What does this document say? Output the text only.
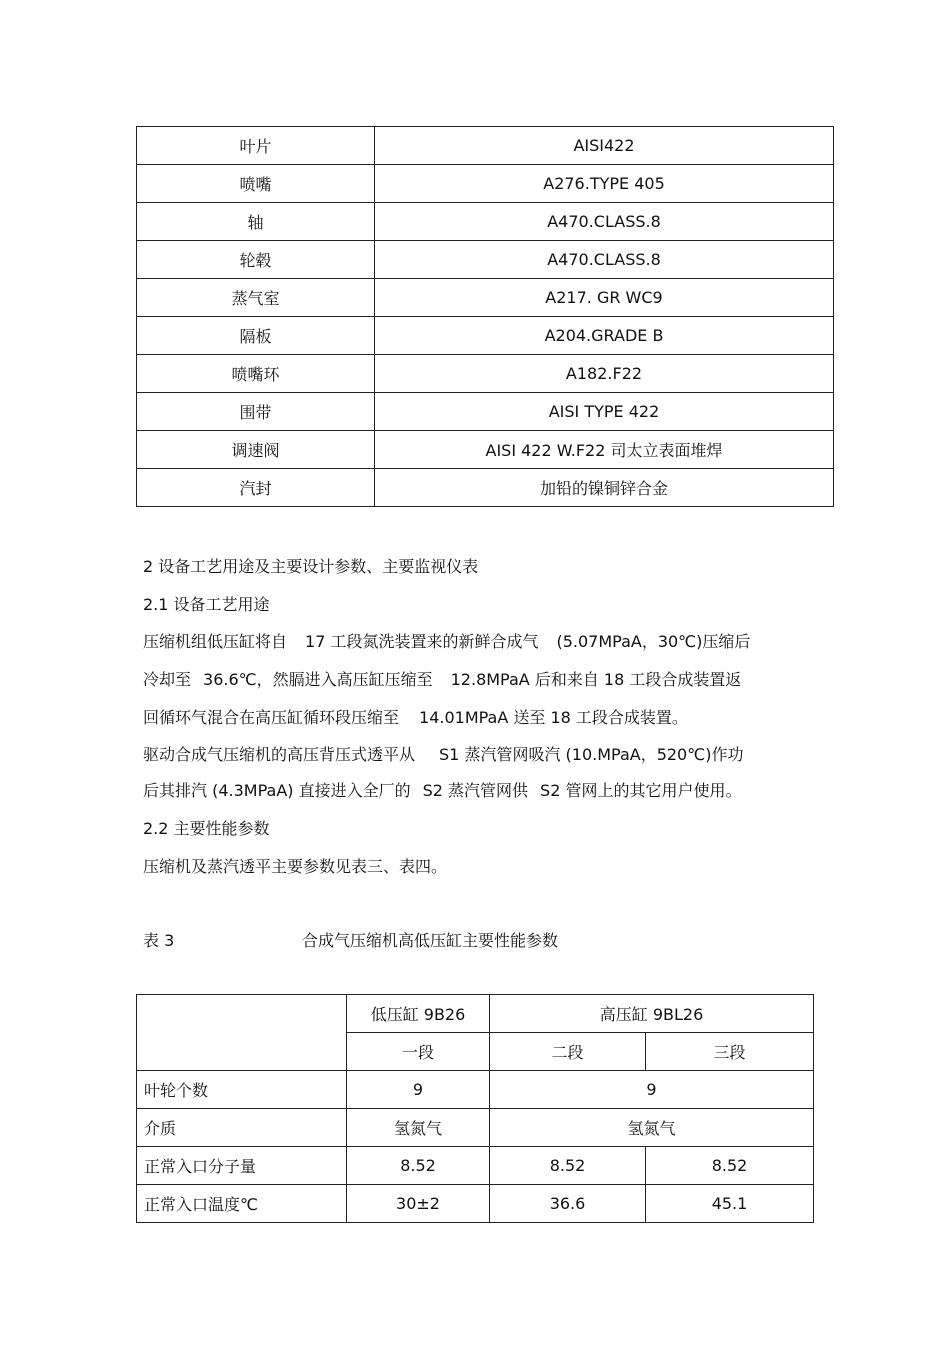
叶片	AISI422
喷嘴	A276.TYPE 405
轴	A470.CLASS.8
轮毂	A470.CLASS.8
蒸气室	A217. GR WC9
隔板	A204.GRADE B
喷嘴环	A182.F22
围带	AISI TYPE 422
调速阀	AISI 422 W.F22 司太立表面堆焊
汽封	加铅的镍铜锌合金
2 设备工艺用途及主要设计参数、主要监视仪表
2.1 设备工艺用途
压缩机组低压缸将自 17 工段氮洗装置来的新鲜合成气 (5.07MPaA，30℃)压缩后
冷却至 36.6℃，然膈进入高压缸压缩至 12.8MPaA 后和来自 18 工段合成装置返
回循环气混合在高压缸循环段压缩至 14.01MPaA 送至 18 工段合成装置。
驱动合成气压缩机的高压背压式透平从 S1 蒸汽管网吸汽 (10.MPaA，520℃)作功
后其排汽 (4.3MPaA) 直接进入全厂的 S2 蒸汽管网供 S2 管网上的其它用户使用。
2.2 主要性能参数
压缩机及蒸汽透平主要参数见表三、表四。
表 3	合成气压缩机高低压缸主要性能参数
	低压缸 9B26	高压缸 9BL26	
	一段	二段	三段
叶轮个数	9	9	
介质	氢氮气	氢氮气	
正常入口分子量	8.52	8.52	8.52
正常入口温度℃	30±2	36.6	45.1
